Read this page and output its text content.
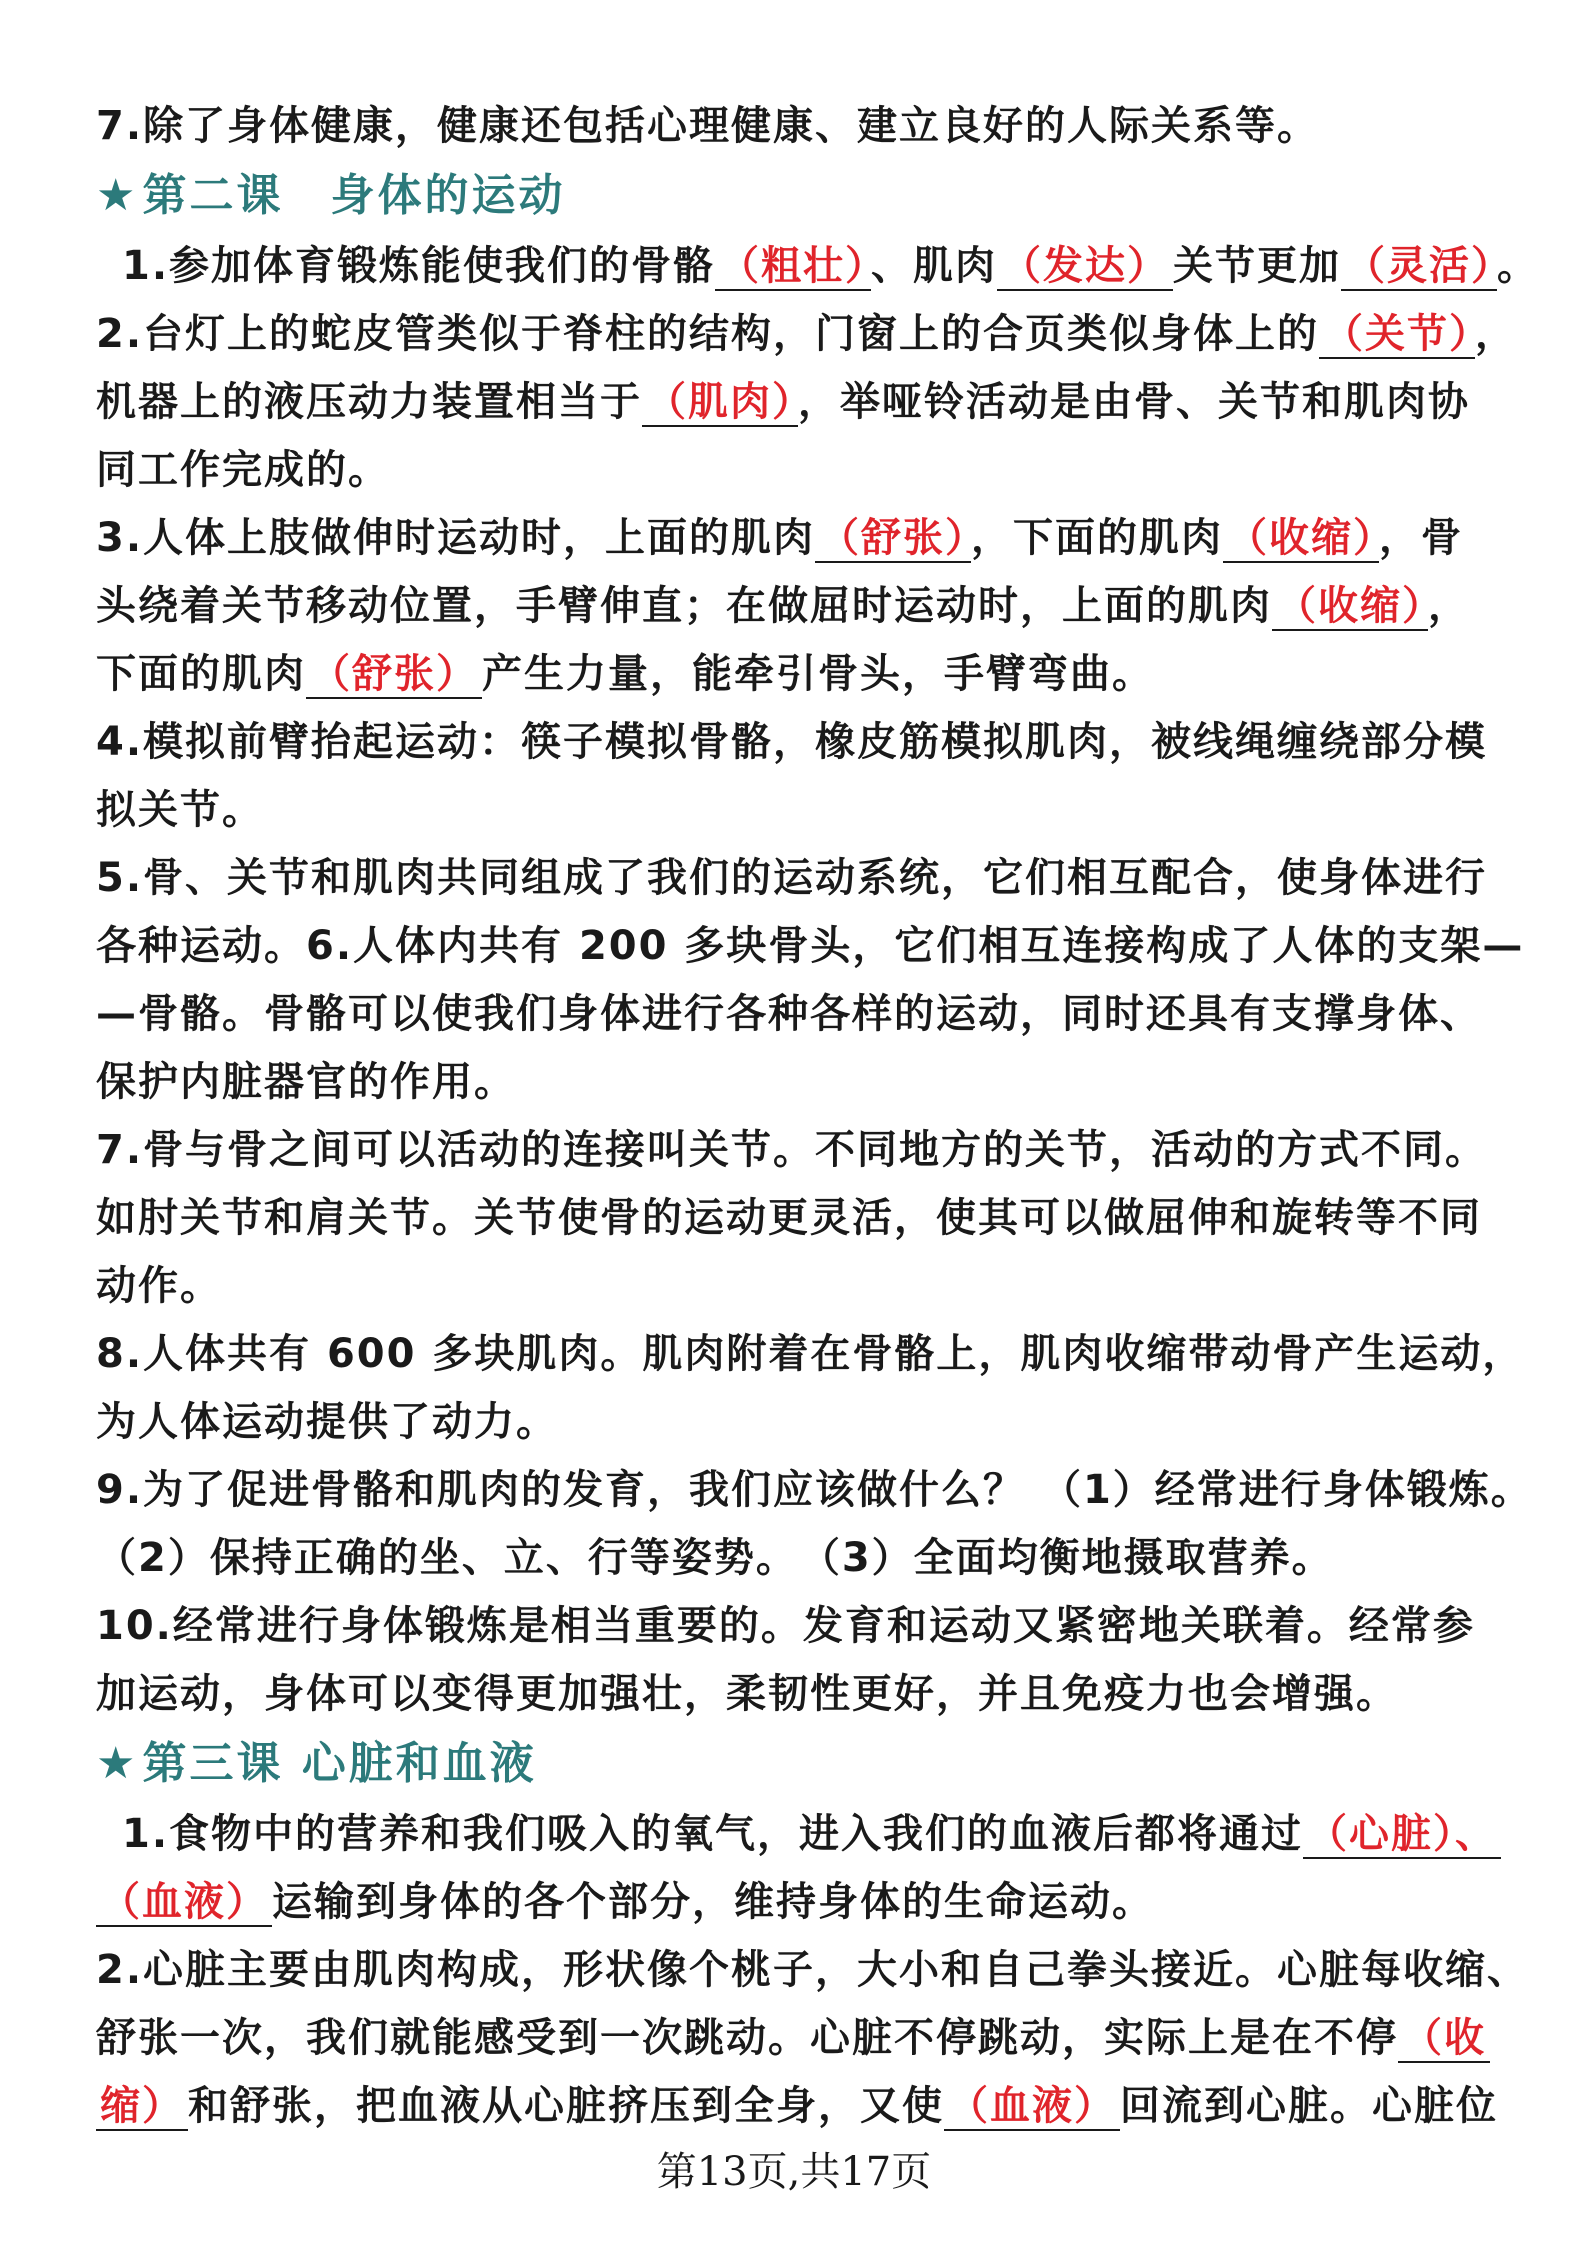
7.除了身体健康，健康还包括心理健康、建立良好的人际关系等。
★第二课　身体的运动
1.参加体育锻炼能使我们的骨骼 （粗壮） 、肌肉 （发达） 关节更加 （灵活） 。
2.台灯上的蛇皮管类似于脊柱的结构，门窗上的合页类似身体上的 （关节） ，
机器上的液压动力装置相当于 （肌肉） ，举哑铃活动是由骨、关节和肌肉协
同工作完成的。
3.人体上肢做伸时运动时，上面的肌肉 （舒张） ，下面的肌肉 （收缩） ，骨
头绕着关节移动位置，手臂伸直；在做屈时运动时，上面的肌肉 （收缩） ，
下面的肌肉 （舒张） 产生力量，能牵引骨头，手臂弯曲。
4.模拟前臂抬起运动：筷子模拟骨骼，橡皮筋模拟肌肉，被线绳缠绕部分模
拟关节。
5.骨、关节和肌肉共同组成了我们的运动系统，它们相互配合，使身体进行
各种运动。6.人体内共有 200 多块骨头，它们相互连接构成了人体的支架—
—骨骼。骨骼可以使我们身体进行各种各样的运动，同时还具有支撑身体、
保护内脏器官的作用。
7.骨与骨之间可以活动的连接叫关节。不同地方的关节，活动的方式不同。
如肘关节和肩关节。关节使骨的运动更灵活，使其可以做屈伸和旋转等不同
动作。
8.人体共有 600 多块肌肉。肌肉附着在骨骼上，肌肉收缩带动骨产生运动，
为人体运动提供了动力。
9.为了促进骨骼和肌肉的发育，我们应该做什么？ （1）经常进行身体锻炼。
（2）保持正确的坐、立、行等姿势。　（3）全面均衡地摄取营养。
10.经常进行身体锻炼是相当重要的。发育和运动又紧密地关联着。经常参
加运动，身体可以变得更加强壮，柔韧性更好，并且免疫力也会增强。
★第三课 心脏和血液
1.食物中的营养和我们吸入的氧气，进入我们的血液后都将通过 （心脏）、
（血液） 运输到身体的各个部分，维持身体的生命运动。
2.心脏主要由肌肉构成，形状像个桃子，大小和自己拳头接近。心脏每收缩、
舒张一次，我们就能感受到一次跳动。心脏不停跳动，实际上是在不停 （收
缩） 和舒张，把血液从心脏挤压到全身，又使 （血液） 回流到心脏。心脏位
第13页,共17页
